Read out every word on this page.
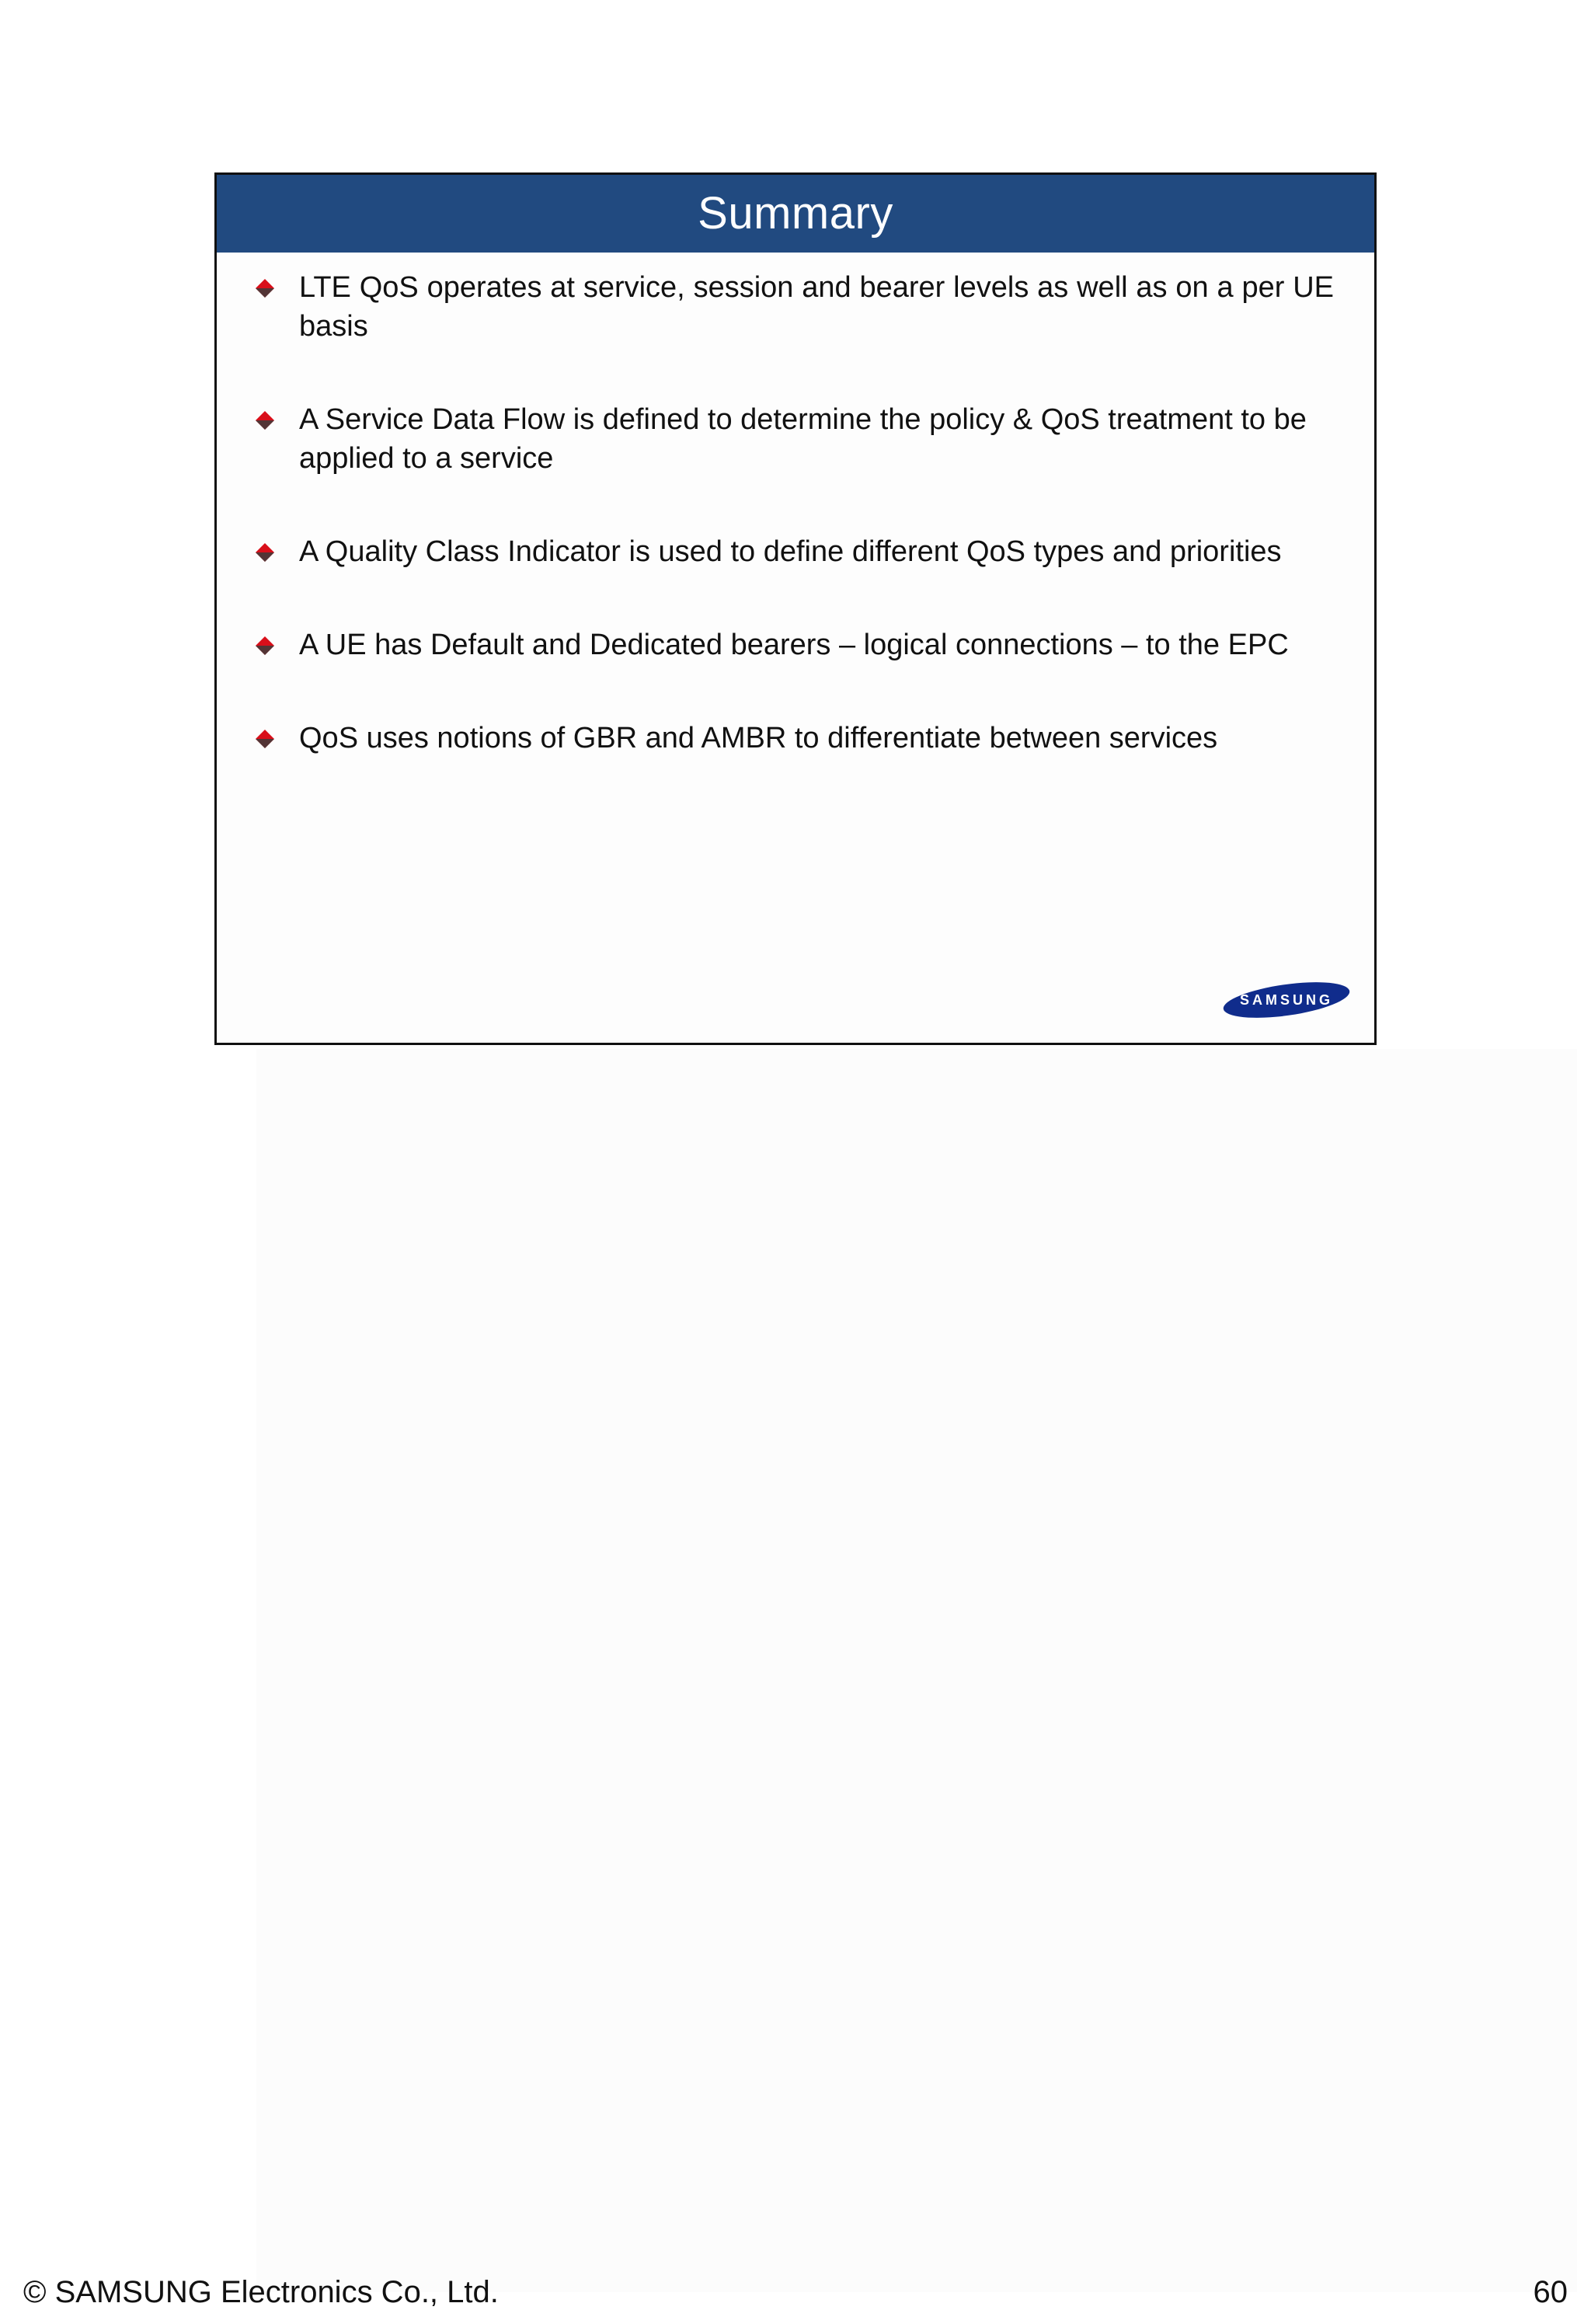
Summary
LTE QoS operates at service, session and bearer levels as well as on a per UE basis
A Service Data Flow is defined to determine the policy & QoS treatment to be applied to a service
A Quality Class Indicator is used to define different QoS types and priorities
A UE has Default and Dedicated bearers – logical connections – to the EPC
QoS uses notions of GBR and AMBR to differentiate between services
SAMSUNG
© SAMSUNG Electronics Co., Ltd.	60
